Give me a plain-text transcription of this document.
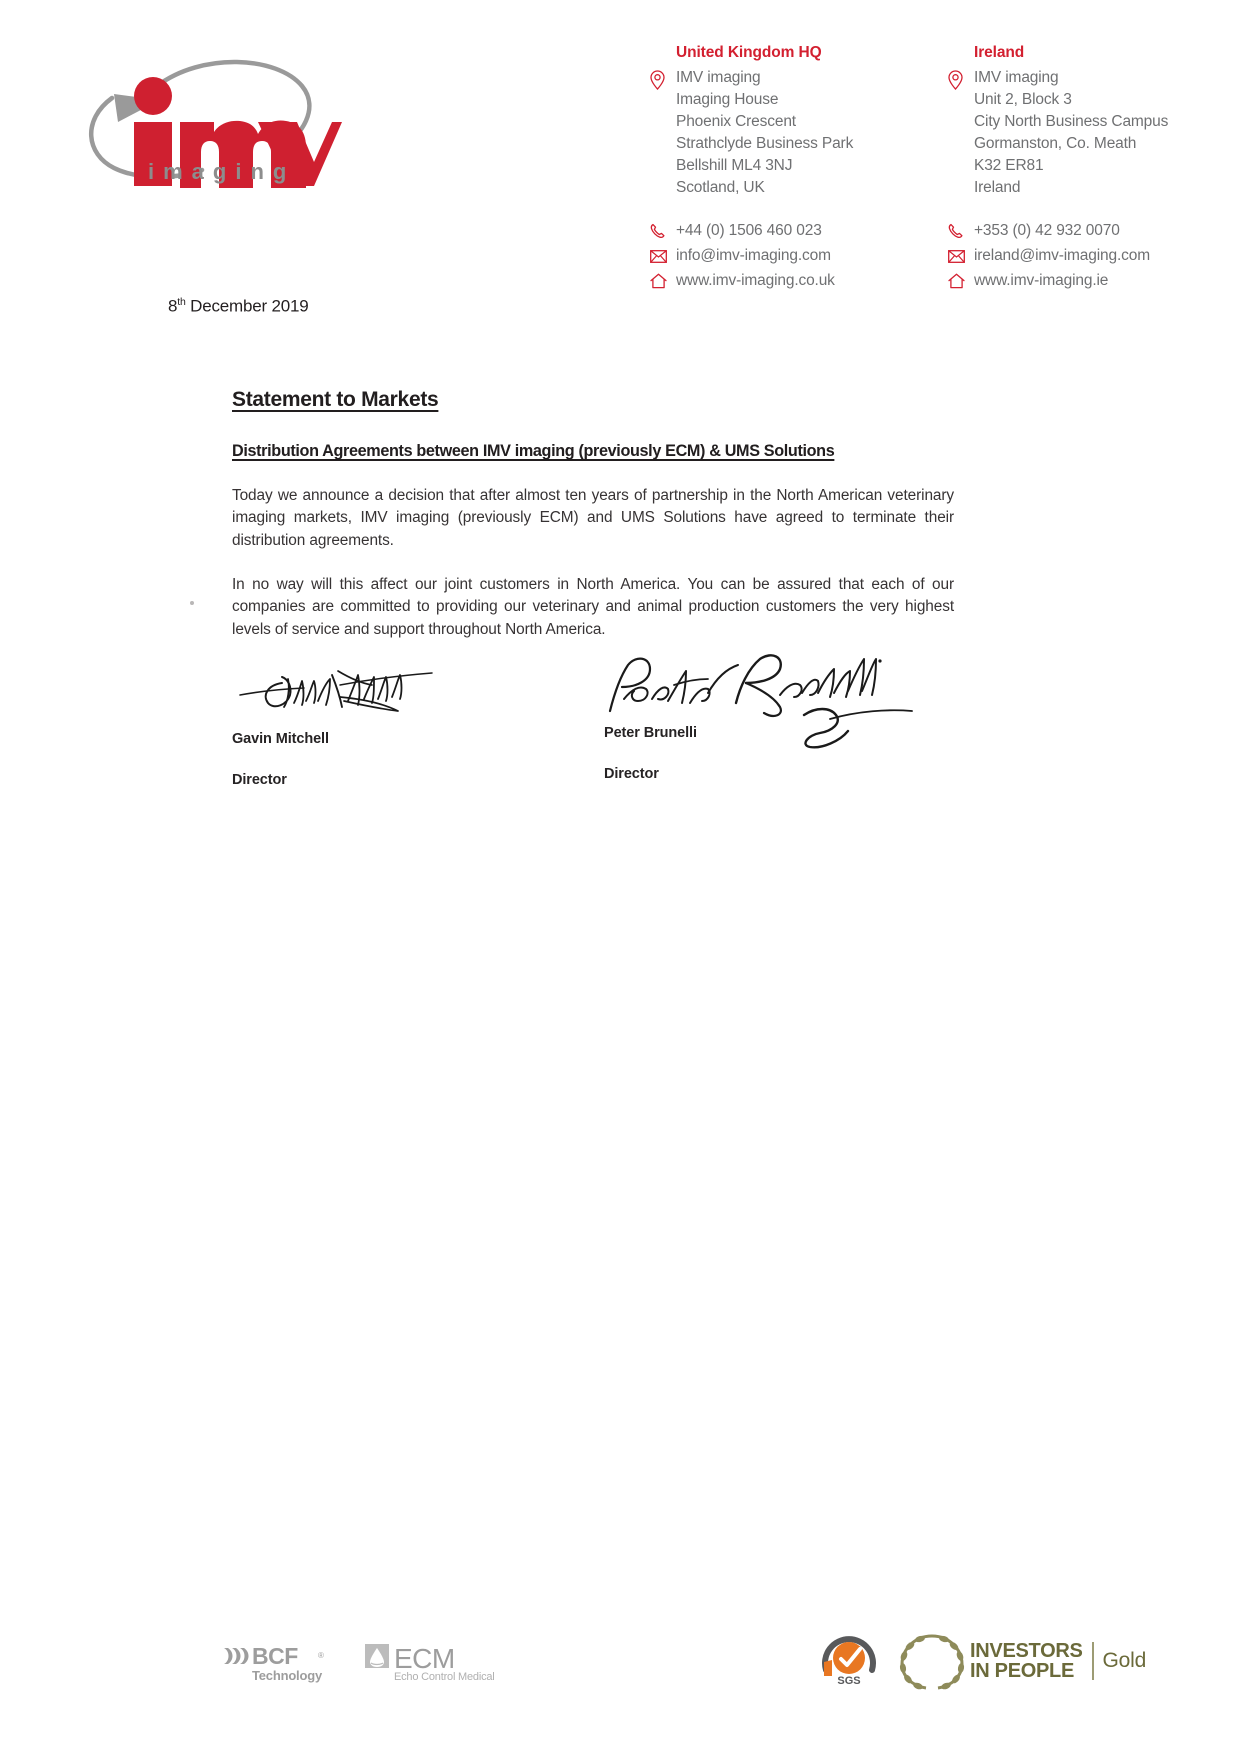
imaging
United Kingdom HQ
IMV imaging
Imaging House
Phoenix Crescent
Strathclyde Business Park
Bellshill ML4 3NJ
Scotland, UK
+44 (0) 1506 460 023
info@imv-imaging.com
www.imv-imaging.co.uk
Ireland
IMV imaging
Unit 2, Block 3
City North Business Campus
Gormanston, Co. Meath
K32 ER81
Ireland
+353 (0) 42 932 0070
ireland@imv-imaging.com
www.imv-imaging.ie
8th December 2019
Statement to Markets
Distribution Agreements between IMV imaging (previously ECM) & UMS Solutions

Today we announce a decision that after almost ten years of partnership in the North American veterinary imaging markets, IMV imaging (previously ECM) and UMS Solutions have agreed to terminate their distribution agreements.

In no way will this affect our joint customers in North America. You can be assured that each of our companies are committed to providing our veterinary and animal production customers the very highest levels of service and support throughout North America.

Gavin Mitchell
Director
Peter Brunelli
Director
BCF	®
Technology
ECM
Echo Control Medical	SGS
INVESTORS
IN PEOPLE	Gold
